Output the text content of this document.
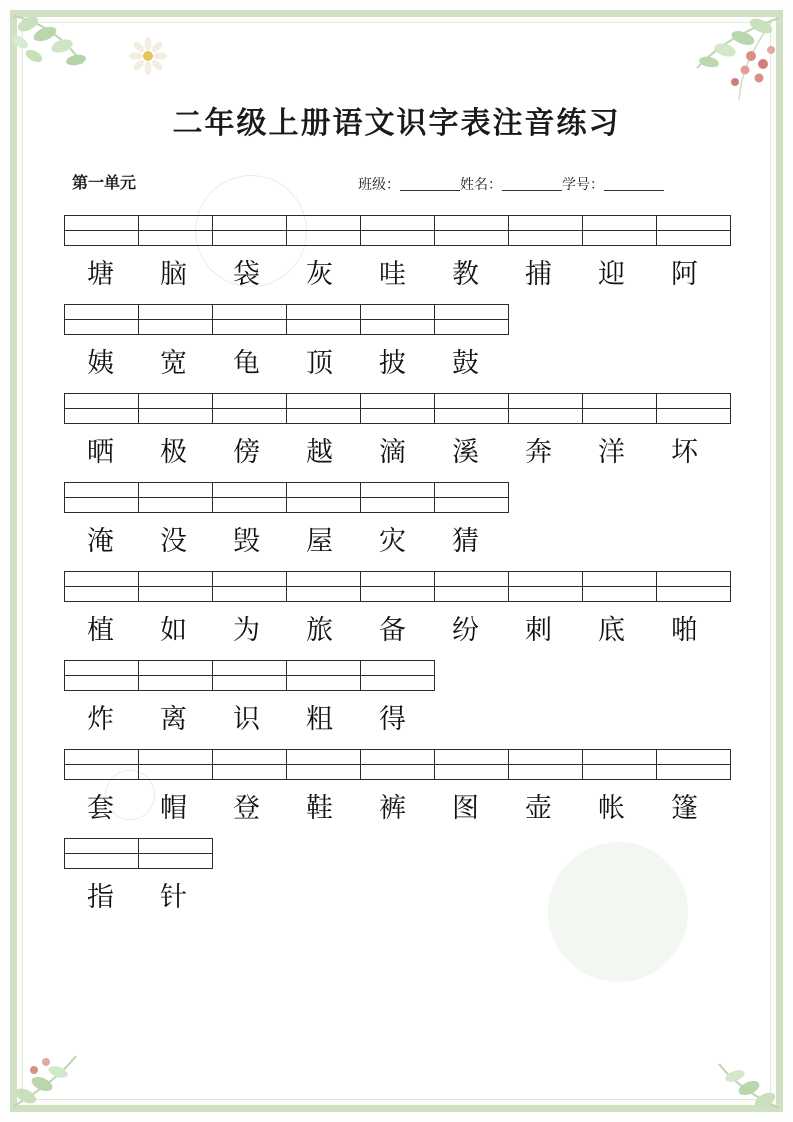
二年级上册语文识字表注音练习
第一单元	班级：	姓名：	学号：

塘	脑	袋	灰	哇	教	捕	迎	阿

姨	宽	龟	顶	披	鼓

晒	极	傍	越	滴	溪	奔	洋	坏

淹	没	毁	屋	灾	猜

植	如	为	旅	备	纷	刺	底	啪

炸	离	识	粗	得

套	帽	登	鞋	裤	图	壶	帐	篷

指	针
